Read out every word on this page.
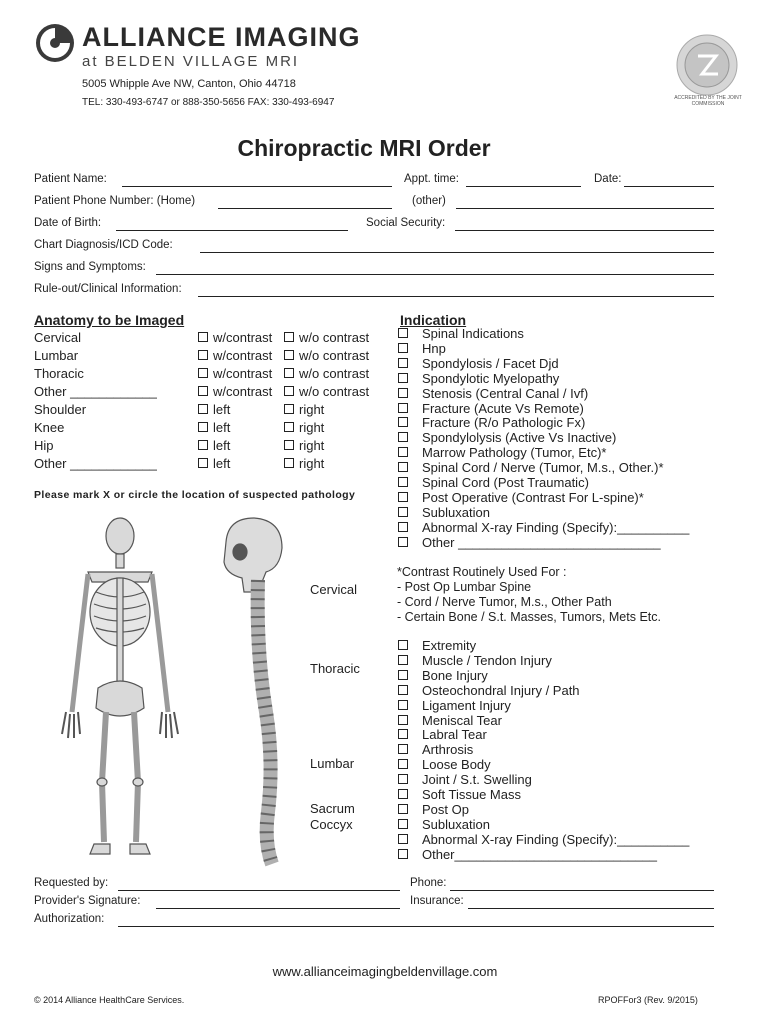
ALLIANCE IMAGING
at BELDEN VILLAGE MRI
5005 Whipple Ave NW, Canton, Ohio 44718
TEL: 330-493-6747 or 888-350-5656 FAX: 330-493-6947	ACCREDITED BY THE JOINT COMMISSION
Chiropractic MRI Order
Patient Name:	Appt. time:	Date:
Patient Phone Number: (Home)	(other)
Date of Birth:	Social Security:
Chart Diagnosis/ICD Code:
Signs and Symptoms:
Rule-out/Clinical Information:
Anatomy to be Imaged
Cervical	w/contrast	w/o contrast
Lumbar	w/contrast	w/o contrast
Thoracic	w/contrast	w/o contrast
Other ____________	w/contrast	w/o contrast
Shoulder	left	right
Knee	left	right
Hip	left	right
Other ____________	left	right
Please mark X or circle the location of suspected pathology
Cervical
Thoracic
Lumbar
Sacrum
Coccyx
Indication
Spinal Indications
Hnp
Spondylosis / Facet Djd
Spondylotic Myelopathy
Stenosis (Central Canal / Ivf)
Fracture (Acute Vs Remote)
Fracture (R/o Pathologic Fx)
Spondylolysis (Active Vs Inactive)
Marrow Pathology (Tumor, Etc)*
Spinal Cord / Nerve (Tumor, M.s., Other.)*
Spinal Cord (Post Traumatic)
Post Operative (Contrast For L-spine)*
Subluxation
Abnormal X-ray Finding (Specify):__________
Other ____________________________
*Contrast Routinely Used For :
- Post Op Lumbar Spine
- Cord / Nerve Tumor, M.s., Other Path
- Certain Bone / S.t. Masses, Tumors, Mets Etc.
Extremity
Muscle / Tendon Injury
Bone Injury
Osteochondral Injury / Path
Ligament Injury
Meniscal Tear
Labral Tear
Arthrosis
Loose Body
Joint / S.t. Swelling
Soft Tissue Mass
Post Op
Subluxation
Abnormal X-ray Finding (Specify):__________
Other____________________________
Requested by:	Phone:
Provider's Signature:	Insurance:
Authorization:
www.allianceimagingbeldenvillage.com
© 2014 Alliance HealthCare Services.	RPOFFor3 (Rev. 9/2015)
